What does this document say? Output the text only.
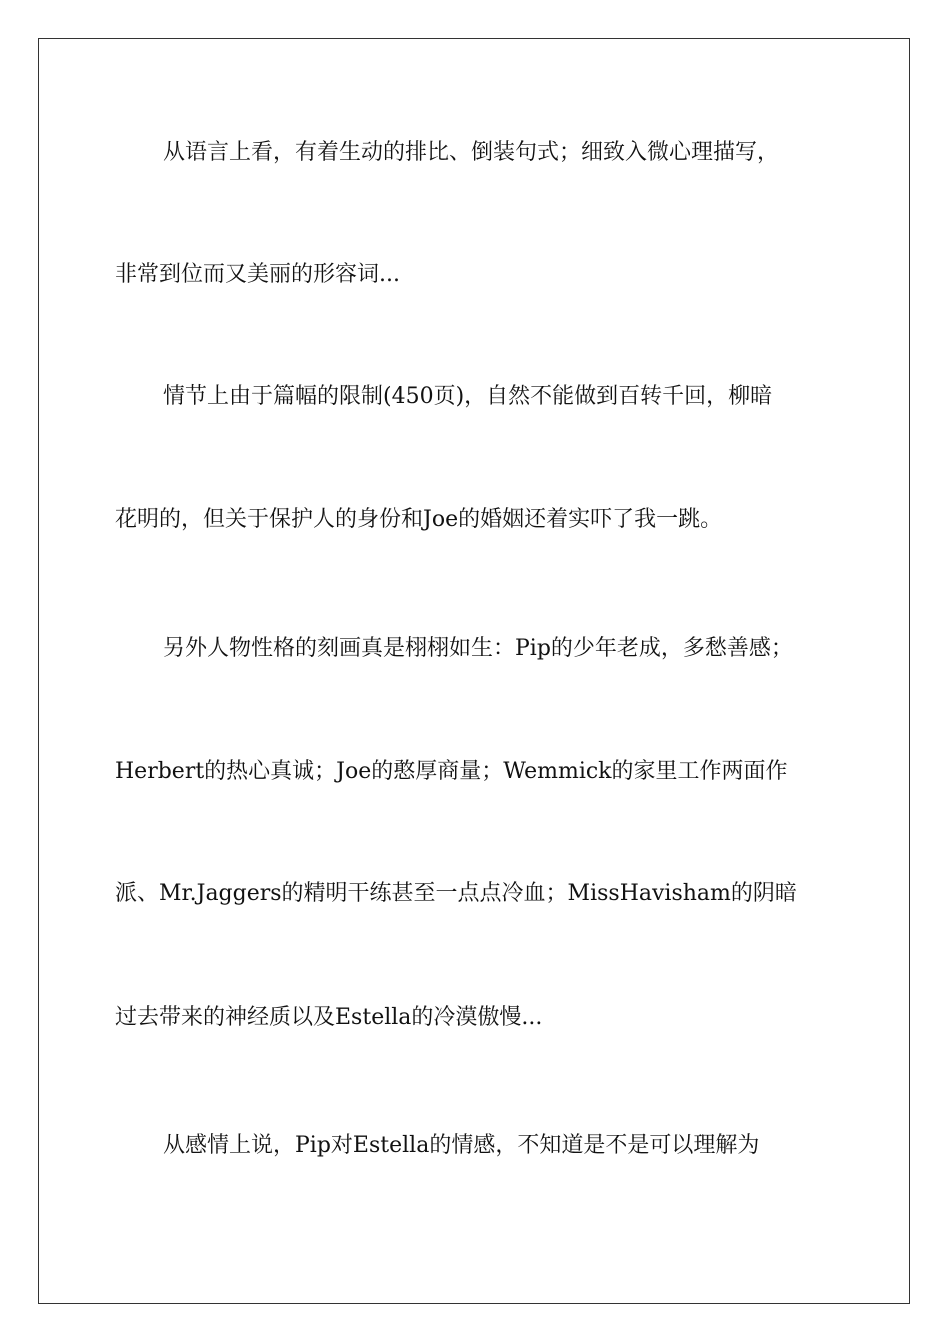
从语言上看，有着生动的排比、倒装句式；细致入微心理描写，
非常到位而又美丽的形容词...
情节上由于篇幅的限制(450页)，自然不能做到百转千回，柳暗
花明的，但关于保护人的身份和Joe的婚姻还着实吓了我一跳。
另外人物性格的刻画真是栩栩如生：Pip的少年老成，多愁善感；
Herbert的热心真诚；Joe的憨厚商量；Wemmick的家里工作两面作
派、Mr.Jaggers的精明干练甚至一点点冷血；MissHavisham的阴暗
过去带来的神经质以及Estella的冷漠傲慢...
从感情上说，Pip对Estella的情感，不知道是不是可以理解为
